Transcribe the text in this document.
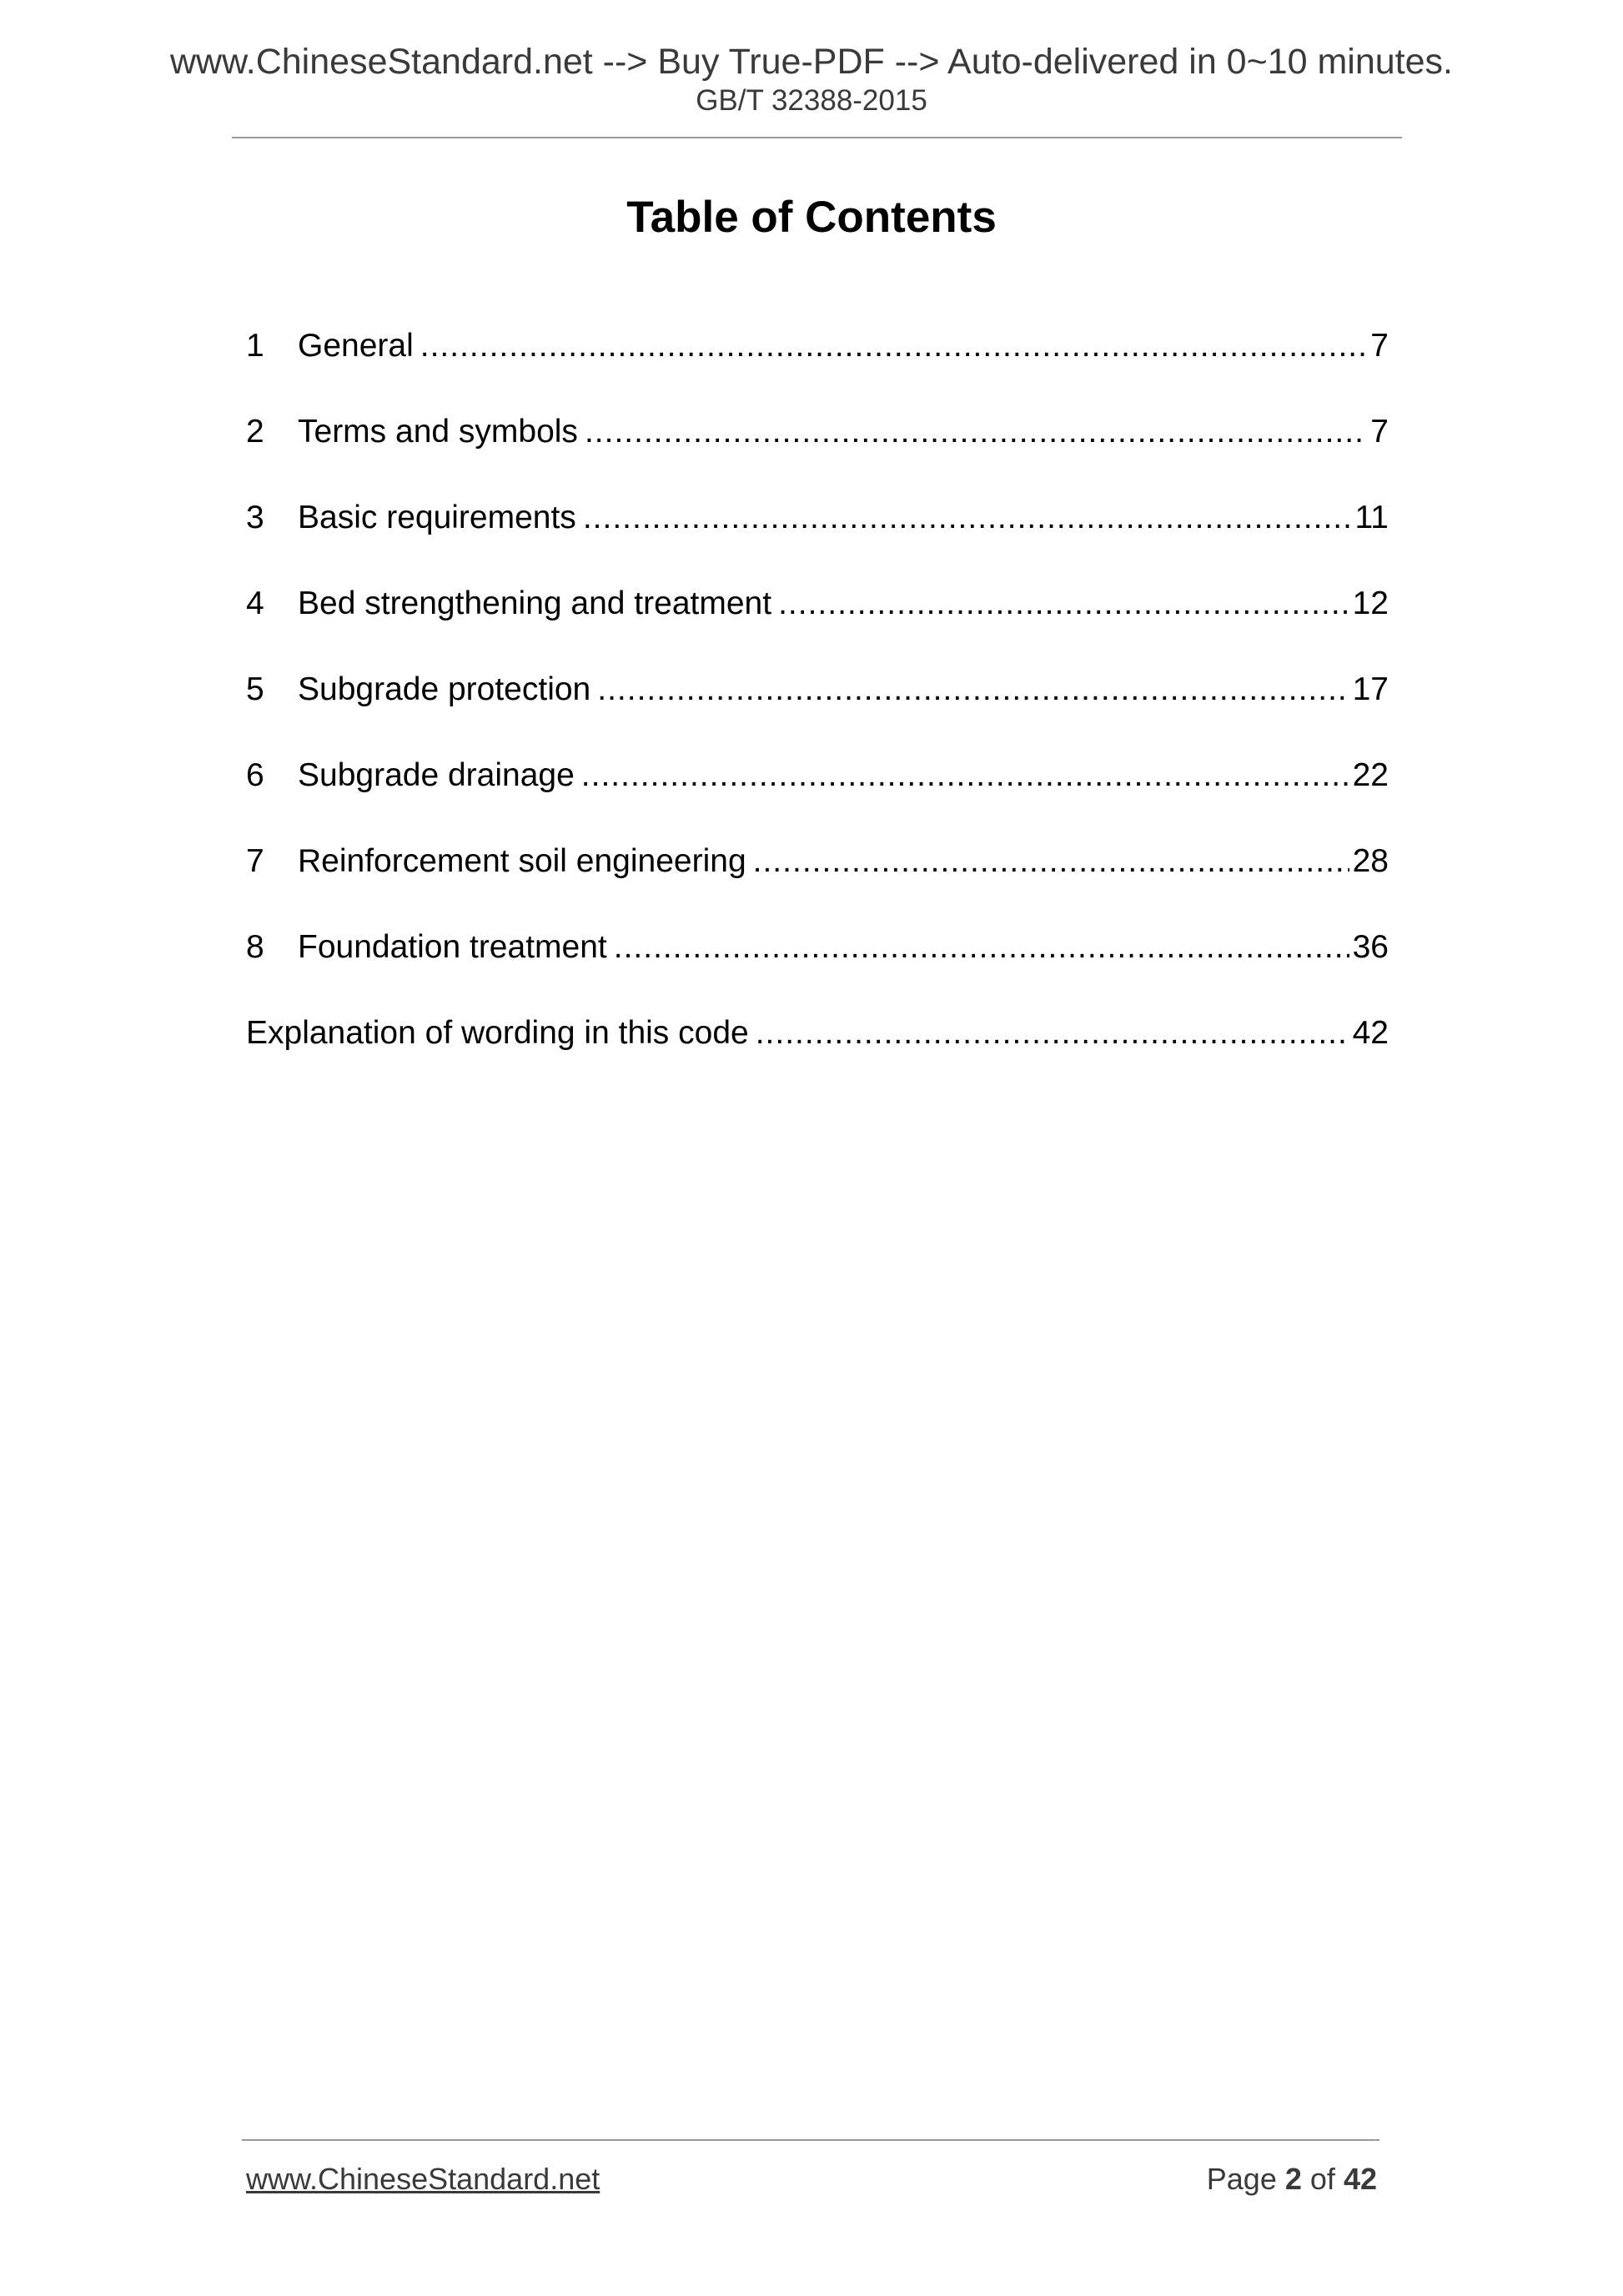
www.ChineseStandard.net --> Buy True-PDF --> Auto-delivered in 0~10 minutes.
GB/T 32388-2015
Table of Contents
1	General .....	7
2	Terms and symbols .....	7
3	Basic requirements .....	11
4	Bed strengthening and treatment .....	12
5	Subgrade protection .....	17
6	Subgrade drainage .....	22
7	Reinforcement soil engineering .....	28
8	Foundation treatment .....	36
Explanation of wording in this code .....	42
www.ChineseStandard.net	Page 2 of 42
